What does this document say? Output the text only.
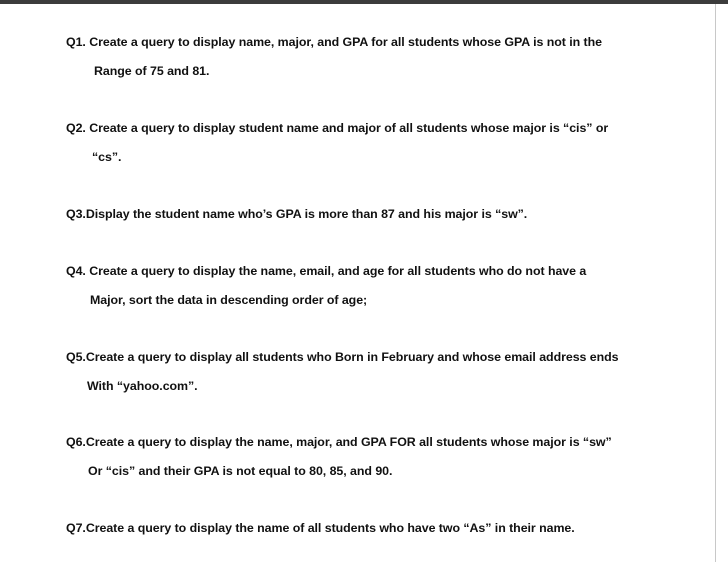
Q1. Create a query to display name, major, and GPA for all students whose GPA is not in the
Range of 75 and 81.
Q2. Create a query to display student name and major of all students whose major is “cis” or
“cs”.
Q3.Display the student name who’s GPA is more than 87 and his major is “sw”.
Q4. Create a query to display the name, email, and age for all students who do not have a
Major, sort the data in descending order of age;
Q5.Create a query to display all students who Born in February and whose email address ends
With “yahoo.com”.
Q6.Create a query to display the name, major, and GPA FOR all students whose major is “sw”
Or “cis” and their GPA is not equal to 80, 85, and 90.
Q7.Create a query to display the name of all students who have two “As” in their name.
